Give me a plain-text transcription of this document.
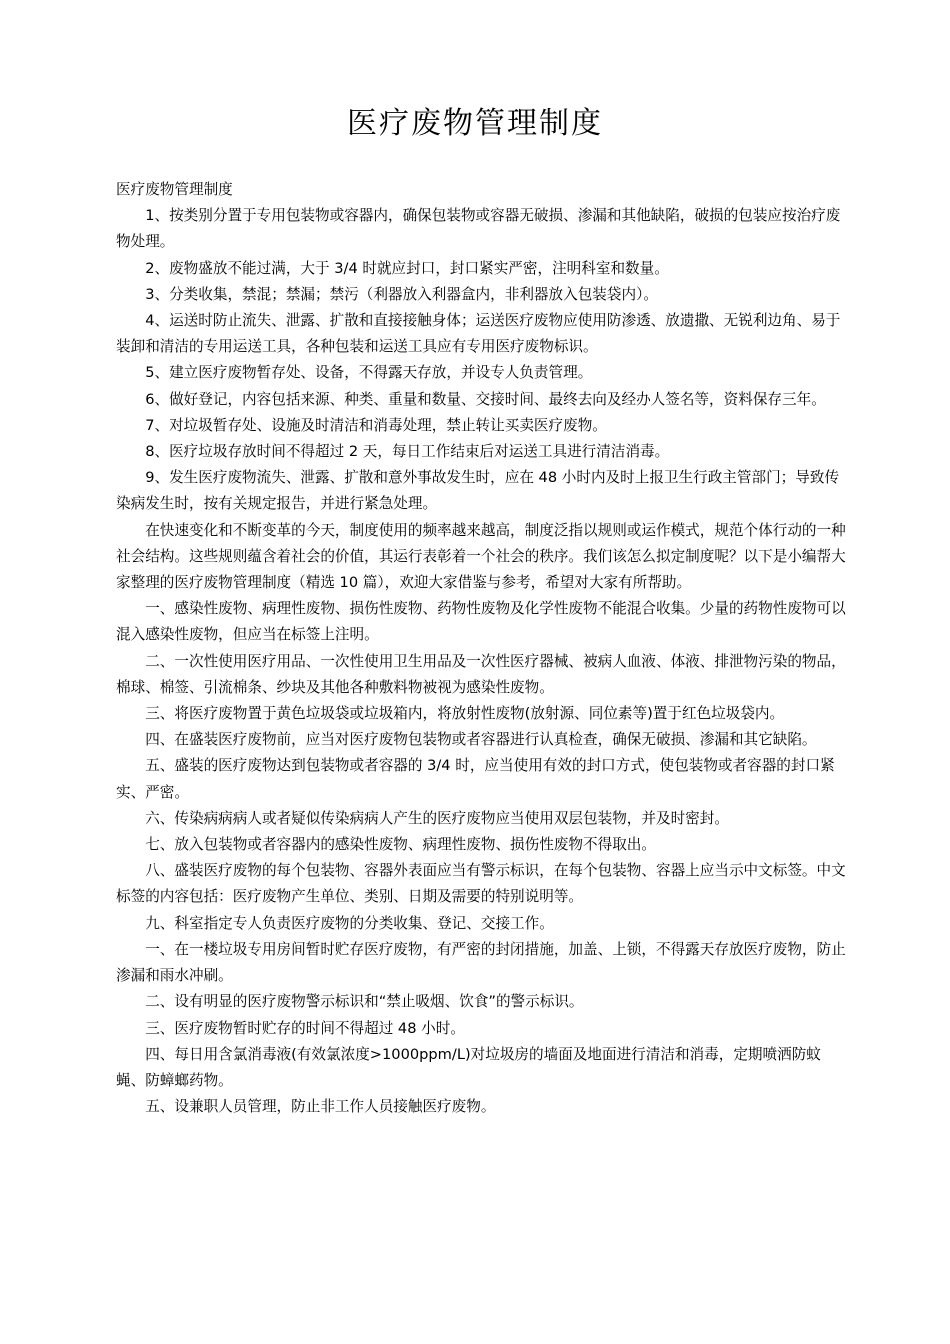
医疗废物管理制度

医疗废物管理制度

1、按类别分置于专用包装物或容器内，确保包装物或容器无破损、渗漏和其他缺陷，破损的包装应按治疗废物处理。

2、废物盛放不能过满，大于 3/4 时就应封口，封口紧实严密，注明科室和数量。

3、分类收集，禁混；禁漏；禁污（利器放入利器盒内，非利器放入包装袋内）。

4、运送时防止流失、泄露、扩散和直接接触身体；运送医疗废物应使用防渗透、放遗撒、无锐利边角、易于装卸和清洁的专用运送工具，各种包装和运送工具应有专用医疗废物标识。

5、建立医疗废物暂存处、设备，不得露天存放，并设专人负责管理。

6、做好登记，内容包括来源、种类、重量和数量、交接时间、最终去向及经办人签名等，资料保存三年。

7、对垃圾暂存处、设施及时清洁和消毒处理，禁止转让买卖医疗废物。

8、医疗垃圾存放时间不得超过 2 天，每日工作结束后对运送工具进行清洁消毒。

9、发生医疗废物流失、泄露、扩散和意外事故发生时，应在 48 小时内及时上报卫生行政主管部门；导致传染病发生时，按有关规定报告，并进行紧急处理。

在快速变化和不断变革的今天，制度使用的频率越来越高，制度泛指以规则或运作模式，规范个体行动的一种社会结构。这些规则蕴含着社会的价值，其运行表彰着一个社会的秩序。我们该怎么拟定制度呢？以下是小编帮大家整理的医疗废物管理制度（精选 10 篇），欢迎大家借鉴与参考，希望对大家有所帮助。

一、感染性废物、病理性废物、损伤性废物、药物性废物及化学性废物不能混合收集。少量的药物性废物可以混入感染性废物，但应当在标签上注明。

二、一次性使用医疗用品、一次性使用卫生用品及一次性医疗器械、被病人血液、体液、排泄物污染的物品，棉球、棉签、引流棉条、纱块及其他各种敷料物被视为感染性废物。

三、将医疗废物置于黄色垃圾袋或垃圾箱内，将放射性废物(放射源、同位素等)置于红色垃圾袋内。

四、在盛装医疗废物前，应当对医疗废物包装物或者容器进行认真检查，确保无破损、渗漏和其它缺陷。

五、盛装的医疗废物达到包装物或者容器的 3/4 时，应当使用有效的封口方式，使包装物或者容器的封口紧实、严密。

六、传染病病病人或者疑似传染病病人产生的医疗废物应当使用双层包装物，并及时密封。

七、放入包装物或者容器内的感染性废物、病理性废物、损伤性废物不得取出。

八、盛装医疗废物的每个包装物、容器外表面应当有警示标识，在每个包装物、容器上应当示中文标签。中文标签的内容包括：医疗废物产生单位、类别、日期及需要的特别说明等。

九、科室指定专人负责医疗废物的分类收集、登记、交接工作。

一、在一楼垃圾专用房间暂时贮存医疗废物，有严密的封闭措施，加盖、上锁，不得露天存放医疗废物，防止渗漏和雨水冲刷。

二、设有明显的医疗废物警示标识和“禁止吸烟、饮食”的警示标识。

三、医疗废物暂时贮存的时间不得超过 48 小时。

四、每日用含氯消毒液(有效氯浓度>1000ppm/L)对垃圾房的墙面及地面进行清洁和消毒，定期喷洒防蚊蝇、防蟑螂药物。

五、设兼职人员管理，防止非工作人员接触医疗废物。
